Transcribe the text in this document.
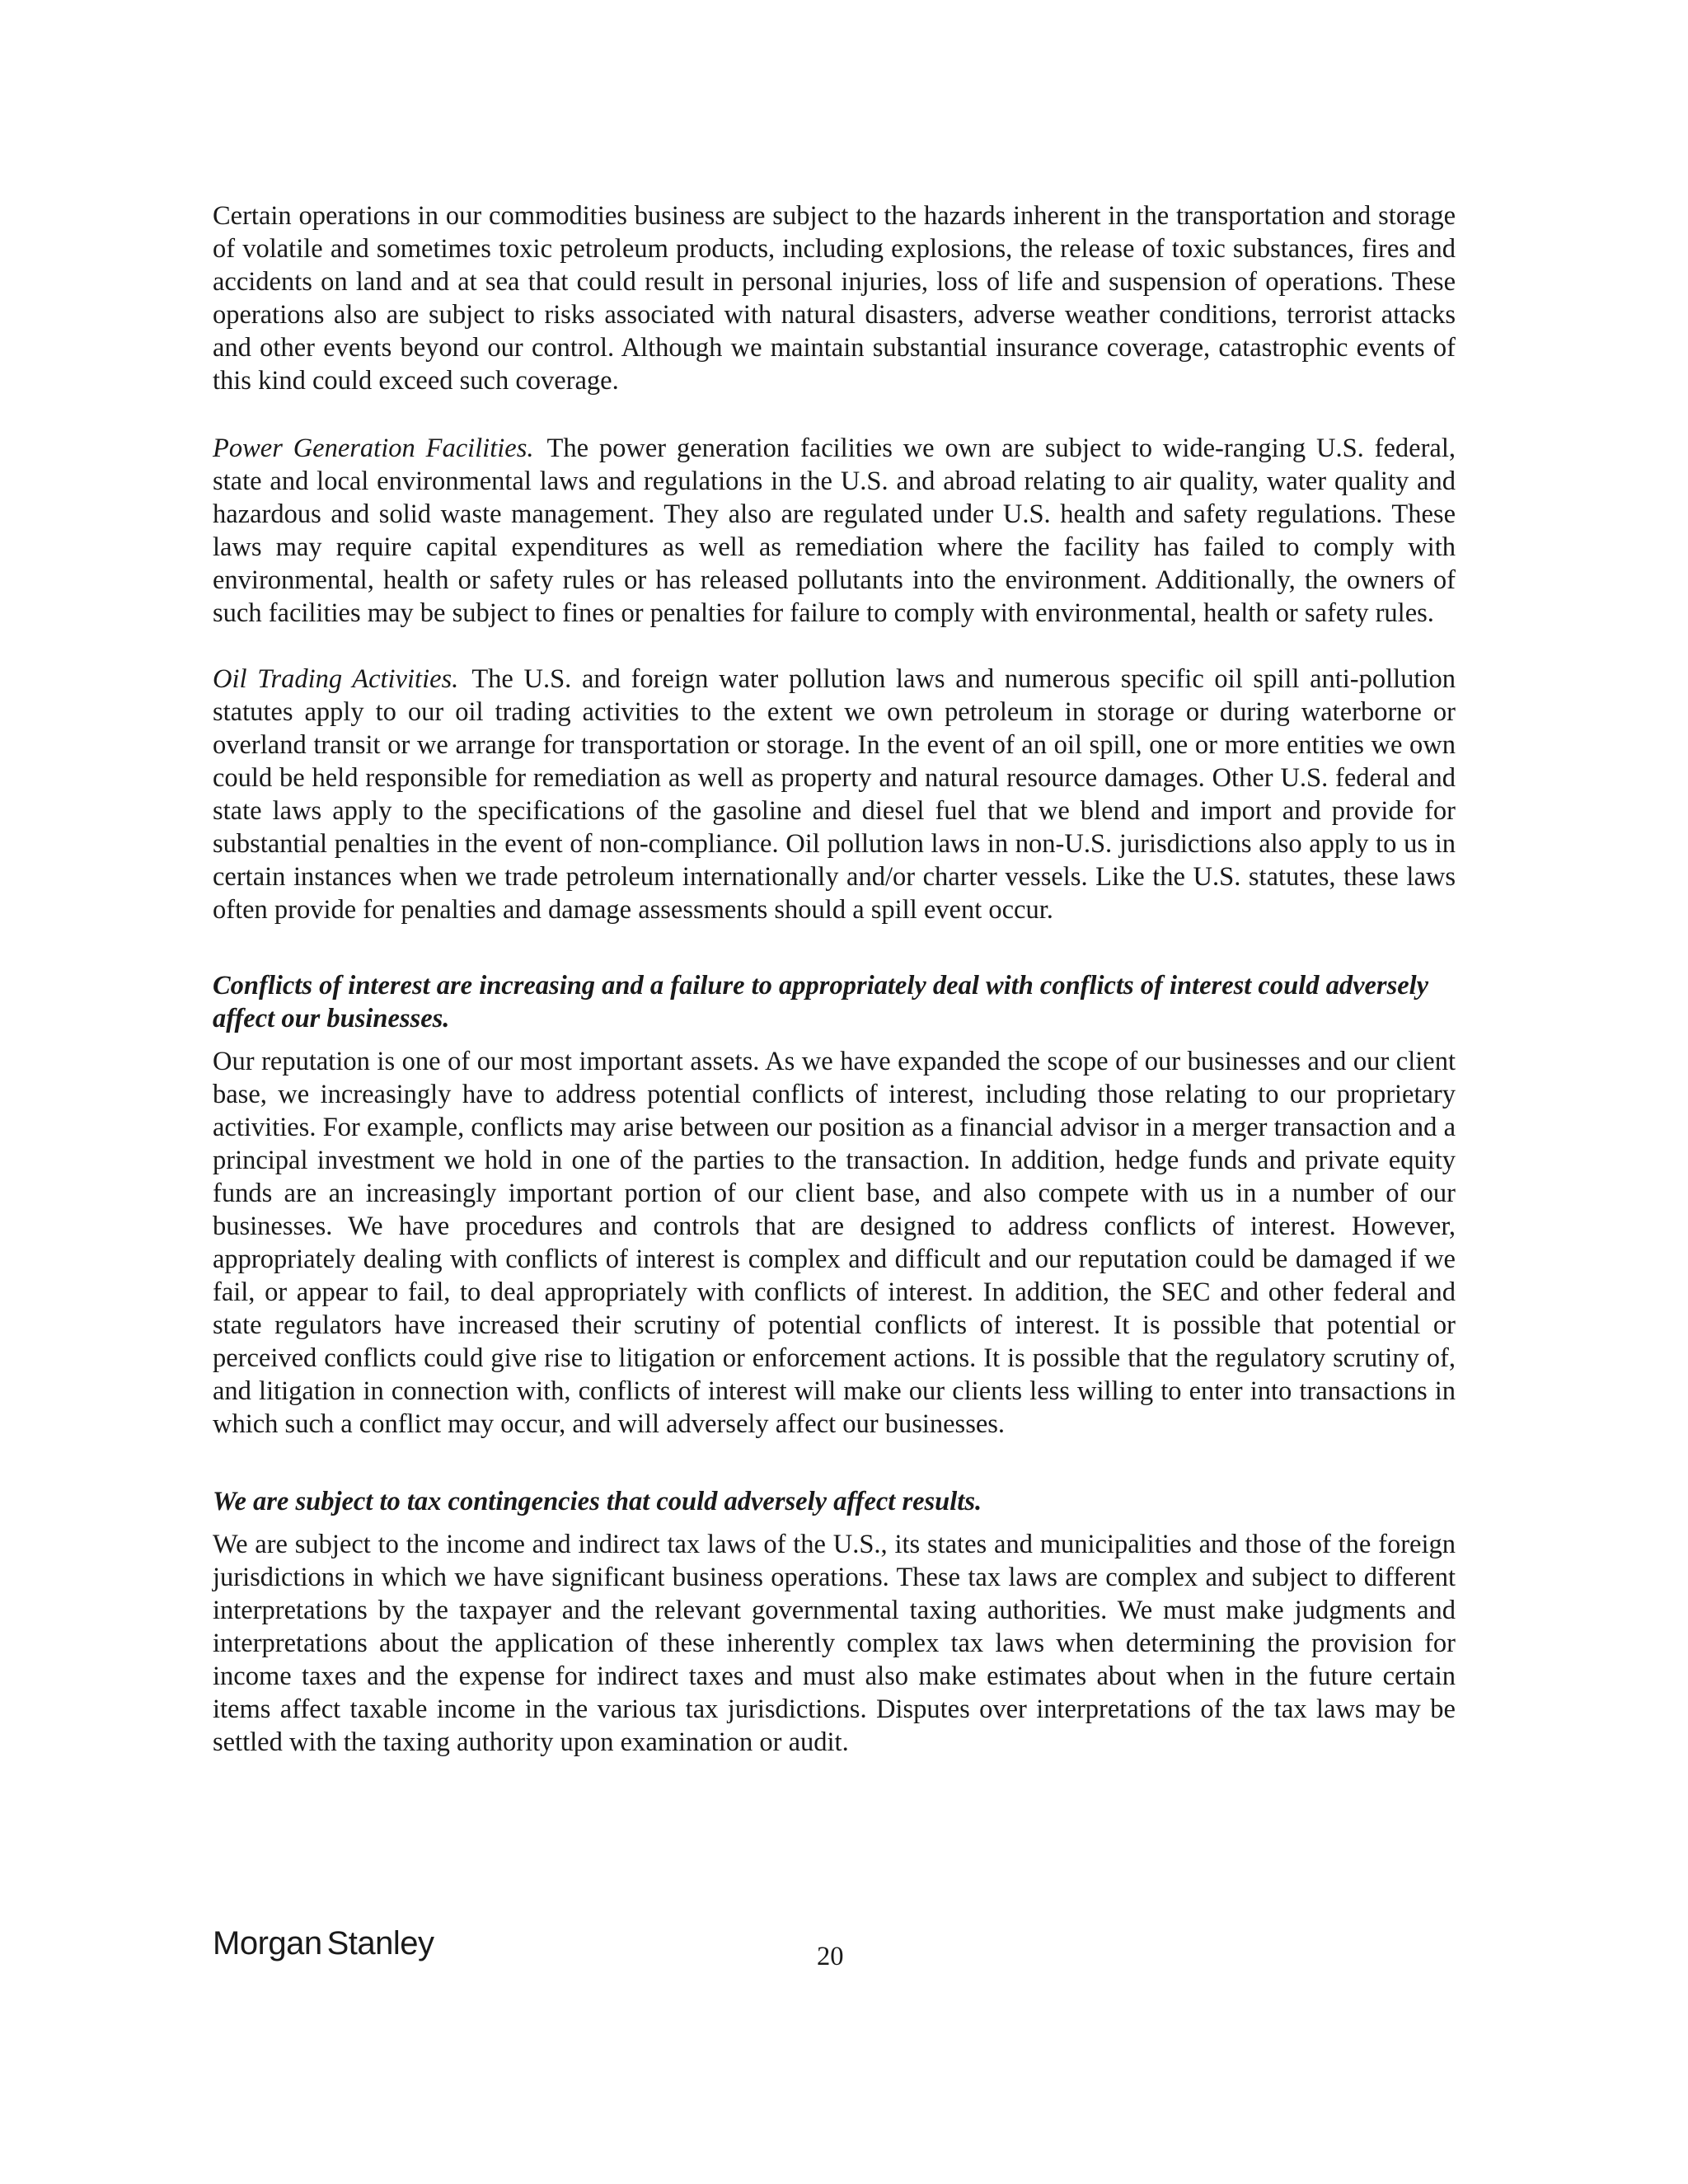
Certain operations in our commodities business are subject to the hazards inherent in the transportation and storage of volatile and sometimes toxic petroleum products, including explosions, the release of toxic substances, fires and accidents on land and at sea that could result in personal injuries, loss of life and suspension of operations. These operations also are subject to risks associated with natural disasters, adverse weather conditions, terrorist attacks and other events beyond our control. Although we maintain substantial insurance coverage, catastrophic events of this kind could exceed such coverage.

Power Generation Facilities. The power generation facilities we own are subject to wide-ranging U.S. federal, state and local environmental laws and regulations in the U.S. and abroad relating to air quality, water quality and hazardous and solid waste management. They also are regulated under U.S. health and safety regulations. These laws may require capital expenditures as well as remediation where the facility has failed to comply with environmental, health or safety rules or has released pollutants into the environment. Additionally, the owners of such facilities may be subject to fines or penalties for failure to comply with environmental, health or safety rules.

Oil Trading Activities. The U.S. and foreign water pollution laws and numerous specific oil spill anti-pollution statutes apply to our oil trading activities to the extent we own petroleum in storage or during waterborne or overland transit or we arrange for transportation or storage. In the event of an oil spill, one or more entities we own could be held responsible for remediation as well as property and natural resource damages. Other U.S. federal and state laws apply to the specifications of the gasoline and diesel fuel that we blend and import and provide for substantial penalties in the event of non-compliance. Oil pollution laws in non-U.S. jurisdictions also apply to us in certain instances when we trade petroleum internationally and/or charter vessels. Like the U.S. statutes, these laws often provide for penalties and damage assessments should a spill event occur.

Conflicts of interest are increasing and a failure to appropriately deal with conflicts of interest could adversely affect our businesses.

Our reputation is one of our most important assets. As we have expanded the scope of our businesses and our client base, we increasingly have to address potential conflicts of interest, including those relating to our proprietary activities. For example, conflicts may arise between our position as a financial advisor in a merger transaction and a principal investment we hold in one of the parties to the transaction. In addition, hedge funds and private equity funds are an increasingly important portion of our client base, and also compete with us in a number of our businesses. We have procedures and controls that are designed to address conflicts of interest. However, appropriately dealing with conflicts of interest is complex and difficult and our reputation could be damaged if we fail, or appear to fail, to deal appropriately with conflicts of interest. In addition, the SEC and other federal and state regulators have increased their scrutiny of potential conflicts of interest. It is possible that potential or perceived conflicts could give rise to litigation or enforcement actions. It is possible that the regulatory scrutiny of, and litigation in connection with, conflicts of interest will make our clients less willing to enter into transactions in which such a conflict may occur, and will adversely affect our businesses.

We are subject to tax contingencies that could adversely affect results.

We are subject to the income and indirect tax laws of the U.S., its states and municipalities and those of the foreign jurisdictions in which we have significant business operations. These tax laws are complex and subject to different interpretations by the taxpayer and the relevant governmental taxing authorities. We must make judgments and interpretations about the application of these inherently complex tax laws when determining the provision for income taxes and the expense for indirect taxes and must also make estimates about when in the future certain items affect taxable income in the various tax jurisdictions. Disputes over interpretations of the tax laws may be settled with the taxing authority upon examination or audit.

Morgan Stanley	20
